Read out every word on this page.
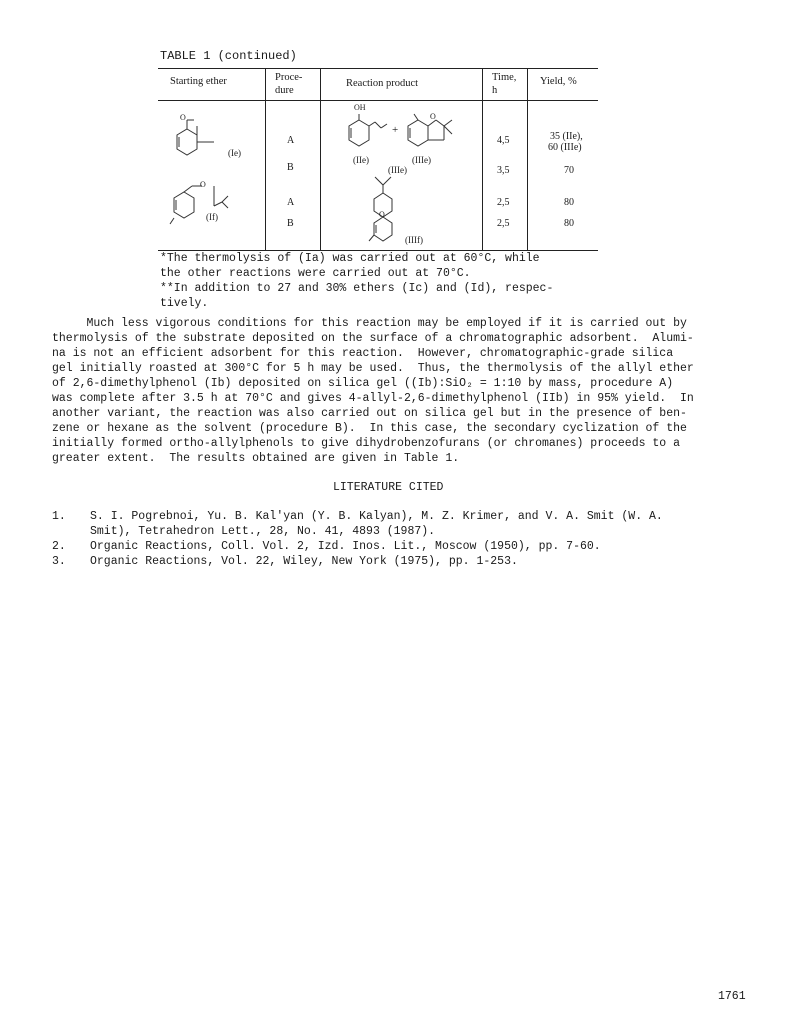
TABLE 1 (continued)
Starting ether	Proce-
dure
Reaction product
Time,
h
Yield, %
O
(Ie)
O
(If)
OH
+
O
(IIe)	(IIIe)
(IIIe)
O
(IIIf)
A
B
A
B
4,5
3,5
2,5
2,5
35 (IIe),
60 (IIIe)
70
80
80
*The thermolysis of (Ia) was carried out at 60°C, while
the other reactions were carried out at 70°C.
**In addition to 27 and 30% ethers (Ic) and (Id), respec-
tively.
Much less vigorous conditions for this reaction may be employed if it is carried out by
thermolysis of the substrate deposited on the surface of a chromatographic adsorbent.  Alumi-
na is not an efficient adsorbent for this reaction.  However, chromatographic-grade silica
gel initially roasted at 300°C for 5 h may be used.  Thus, the thermolysis of the allyl ether
of 2,6-dimethylphenol (Ib) deposited on silica gel ((Ib):SiO₂ = 1:10 by mass, procedure A)
was complete after 3.5 h at 70°C and gives 4-allyl-2,6-dimethylphenol (IIb) in 95% yield.  In
another variant, the reaction was also carried out on silica gel but in the presence of ben-
zene or hexane as the solvent (procedure B).  In this case, the secondary cyclization of the
initially formed ortho-allylphenols to give dihydrobenzofurans (or chromanes) proceeds to a
greater extent.  The results obtained are given in Table 1.
LITERATURE CITED
1. S. I. Pogrebnoi, Yu. B. Kal'yan (Y. B. Kalyan), M. Z. Krimer, and V. A. Smit (W. A.
Smit), Tetrahedron Lett., 28, No. 41, 4893 (1987).
2. Organic Reactions, Coll. Vol. 2, Izd. Inos. Lit., Moscow (1950), pp. 7-60.
3. Organic Reactions, Vol. 22, Wiley, New York (1975), pp. 1-253.
1761
